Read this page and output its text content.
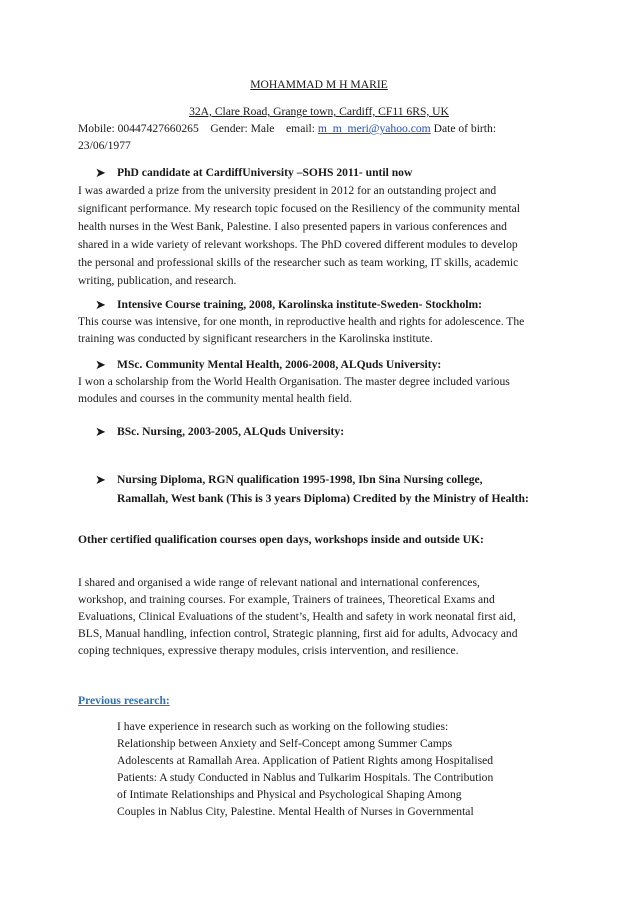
MOHAMMAD M H MARIE
32A, Clare Road, Grange town, Cardiff, CF11 6RS, UK
Mobile: 00447427660265 Gender: Male email: m_m_meri@yahoo.com Date of birth:
23/06/1977
➤ PhD candidate at CardiffUniversity –SOHS 2011- until now
I was awarded a prize from the university president in 2012 for an outstanding project and
significant performance. My research topic focused on the Resiliency of the community mental
health nurses in the West Bank, Palestine. I also presented papers in various conferences and
shared in a wide variety of relevant workshops. The PhD covered different modules to develop
the personal and professional skills of the researcher such as team working, IT skills, academic
writing, publication, and research.
➤ Intensive Course training, 2008, Karolinska institute-Sweden- Stockholm:
This course was intensive, for one month, in reproductive health and rights for adolescence. The
training was conducted by significant researchers in the Karolinska institute.
➤ MSc. Community Mental Health, 2006-2008, ALQuds University:
I won a scholarship from the World Health Organisation. The master degree included various
modules and courses in the community mental health field.
➤ BSc. Nursing, 2003-2005, ALQuds University:
➤ Nursing Diploma, RGN qualification 1995-1998, Ibn Sina Nursing college,
Ramallah, West bank (This is 3 years Diploma) Credited by the Ministry of Health:
Other certified qualification courses open days, workshops inside and outside UK:
I shared and organised a wide range of relevant national and international conferences,
workshop, and training courses. For example, Trainers of trainees, Theoretical Exams and
Evaluations, Clinical Evaluations of the student’s, Health and safety in work neonatal first aid,
BLS, Manual handling, infection control, Strategic planning, first aid for adults, Advocacy and
coping techniques, expressive therapy modules, crisis intervention, and resilience.
Previous research:
I have experience in research such as working on the following studies:
Relationship between Anxiety and Self-Concept among Summer Camps
Adolescents at Ramallah Area. Application of Patient Rights among Hospitalised
Patients: A study Conducted in Nablus and Tulkarim Hospitals. The Contribution
of Intimate Relationships and Physical and Psychological Shaping Among
Couples in Nablus City, Palestine. Mental Health of Nurses in Governmental
